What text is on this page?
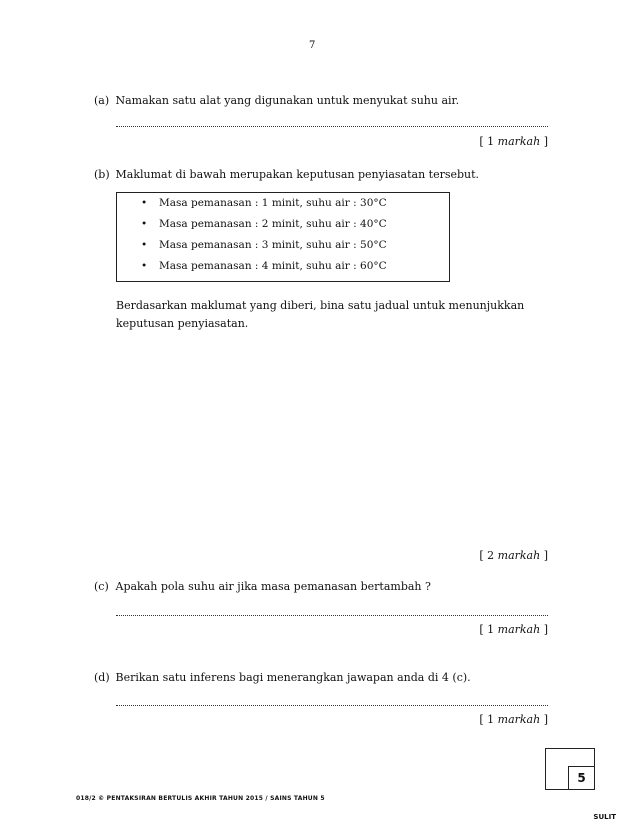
7
(a) Namakan satu alat yang digunakan untuk menyukat suhu air.
[ 1 markah ]
(b) Maklumat di bawah merupakan keputusan penyiasatan tersebut.
• Masa pemanasan : 1 minit, suhu air : 30°C
• Masa pemanasan : 2 minit, suhu air : 40°C
• Masa pemanasan : 3 minit, suhu air : 50°C
• Masa pemanasan : 4 minit, suhu air : 60°C
Berdasarkan maklumat yang diberi, bina satu jadual untuk menunjukkan
keputusan penyiasatan.
[ 2 markah ]
(c) Apakah pola suhu air jika masa pemanasan bertambah ?
[ 1 markah ]
(d) Berikan satu inferens bagi menerangkan jawapan anda di 4 (c).
[ 1 markah ]
5
018/2 © PENTAKSIRAN BERTULIS AKHIR TAHUN 2015 / SAINS TAHUN 5
SULIT
